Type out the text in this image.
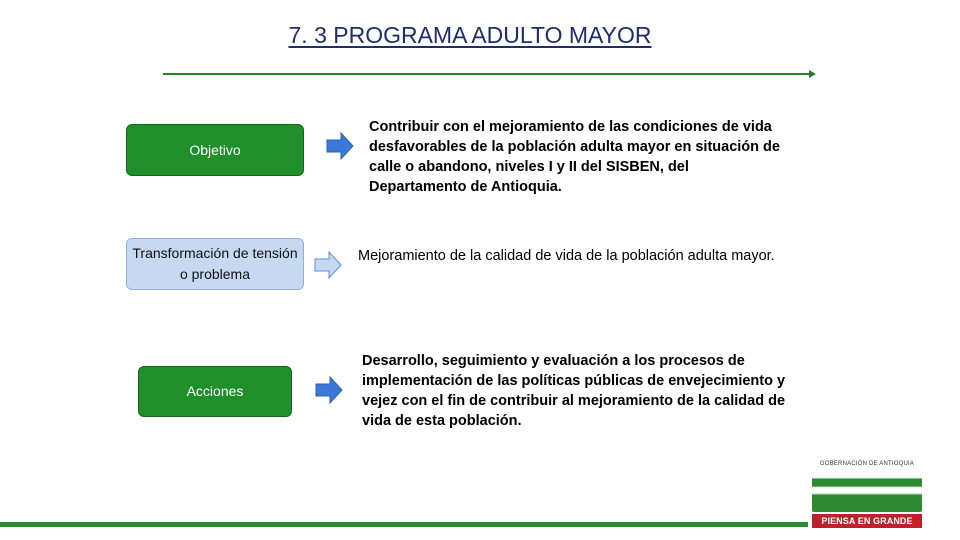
7. 3 PROGRAMA ADULTO MAYOR
Objetivo
Contribuir con el mejoramiento de las condiciones de vida desfavorables de la población adulta mayor en situación de calle o abandono, niveles I y II del SISBEN, del Departamento de Antioquia.
Transformación de tensión o problema
Mejoramiento de la calidad de vida de la población adulta mayor.
Acciones
Desarrollo, seguimiento y evaluación a los procesos de implementación de las políticas públicas de envejecimiento y vejez con el fin de contribuir al mejoramiento de la calidad de vida de esta población.
GOBERNACIÓN DE ANTIOQUIA
PIENSA EN GRANDE
